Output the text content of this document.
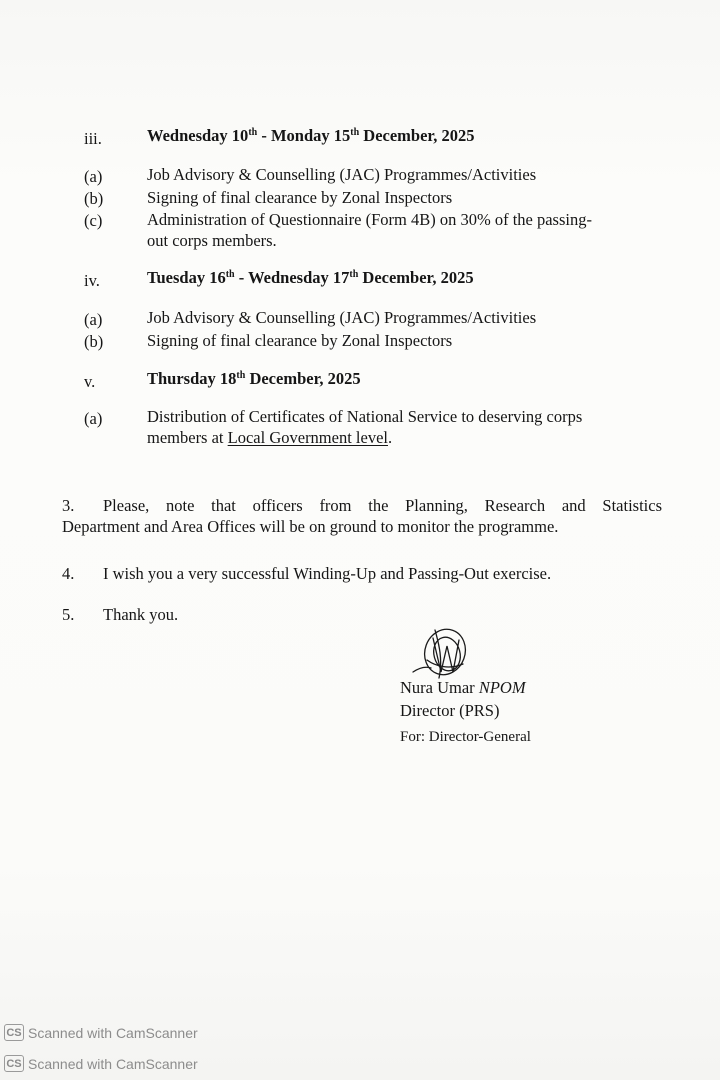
iii.	Wednesday 10th - Monday 15th December, 2025
(a)	Job Advisory & Counselling (JAC) Programmes/Activities
(b)	Signing of final clearance by Zonal Inspectors
(c)	Administration of Questionnaire (Form 4B) on 30% of the passing-
out corps members.
iv.	Tuesday 16th - Wednesday 17th December, 2025
(a)	Job Advisory & Counselling (JAC) Programmes/Activities
(b)	Signing of final clearance by Zonal Inspectors
v.	Thursday 18th December, 2025
(a)	Distribution of Certificates of National Service to deserving corps
members at Local Government level.
3. Please, note that officers from the Planning, Research and Statistics
Department and Area Offices will be on ground to monitor the programme.
4. I wish you a very successful Winding-Up and Passing-Out exercise.
5. Thank you.
Nura Umar NPOM
Director (PRS)
For: Director-General
CS Scanned with CamScanner
CS Scanned with CamScanner
